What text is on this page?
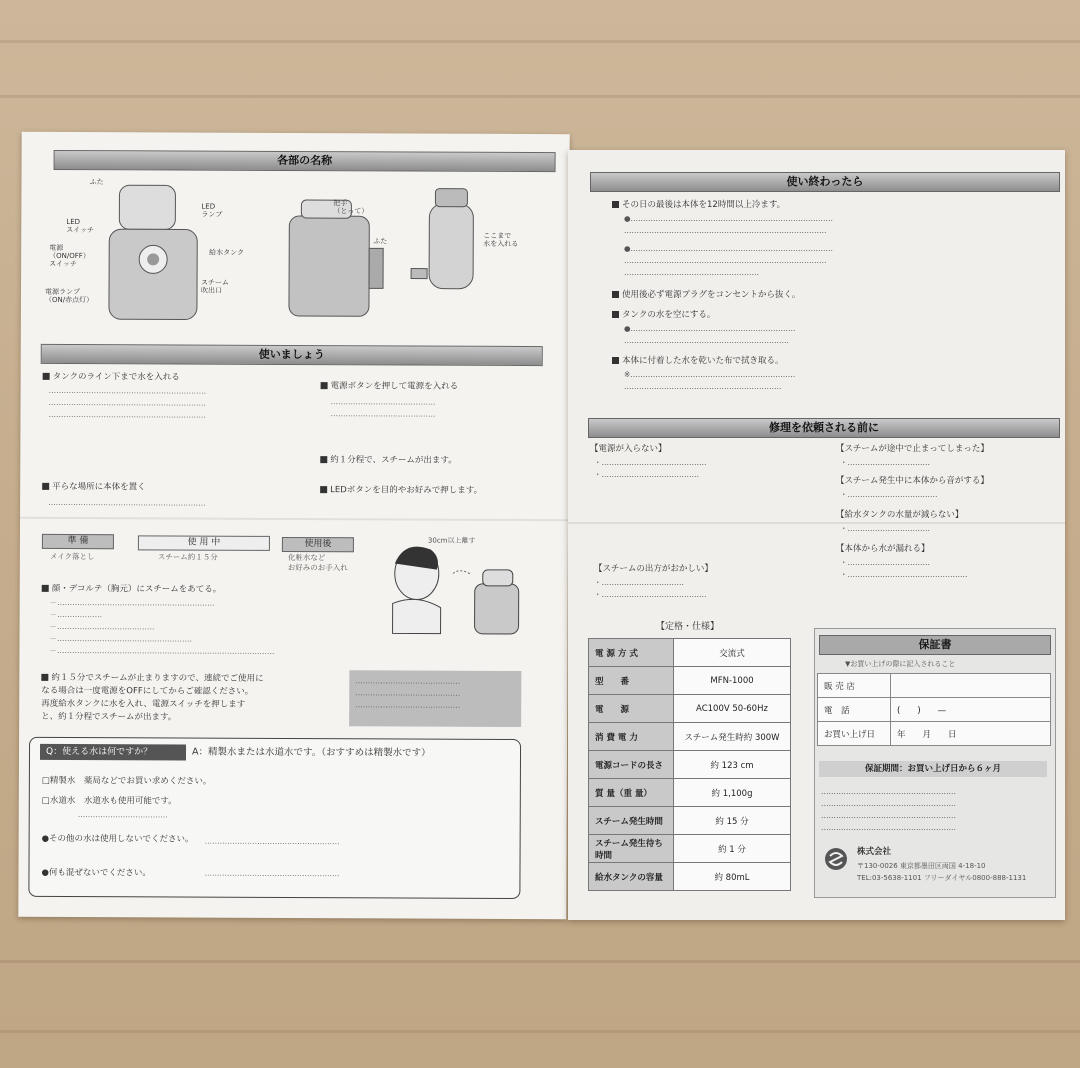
各部の名称
ふた
LED
スイッチ
電源
（ON/OFF）
スイッチ
電源ランプ
（ON/赤点灯）
LED
ランプ
給水タンク
スチーム
吹出口
把手
（とって）
ふた
ここまで
水を入れる
使いましょう
タンクのライン下まで水を入れる
………………………………………………………
………………………………………………………
………………………………………………………
電源ボタンを押して電源を入れる
……………………………………
……………………………………
約１分程で、スチームが出ます。
LEDボタンを目的やお好みで押します。
平らな場所に本体を置く
………………………………………………………
準 備	使 用 中	使用後
メイク落とし	スチーム約１５分	化粧水など
お好みのお手入れ
30cm以上離す
顔・デコルテ（胸元）にスチームをあてる。
－………………………………………………………
－………………
－…………………………………
－………………………………………………
－……………………………………………………………………………
約１５分でスチームが止まりますので、連続でご使用に
なる場合は一度電源をOFFにしてからご確認ください。
再度給水タンクに水を入れ、電源スイッチを押します
と、約１分程でスチームが出ます。
……………………………………
……………………………………
……………………………………
Q：使える水は何ですか？	A：精製水または水道水です。（おすすめは精製水です）
□精製水　薬局などでお買い求めください。
□水道水　水道水も使用可能です。
………………………………
●その他の水は使用しないでください。 ………………………………………………
●何も混ぜないでください。	………………………………………………
使い終わったら
その日の最後は本体を12時間以上冷ます。
●………………………………………………………………………
………………………………………………………………………
●………………………………………………………………………
………………………………………………………………………
………………………………………………
使用後必ず電源プラグをコンセントから抜く。
タンクの水を空にする。
●…………………………………………………………
…………………………………………………………
本体に付着した水を乾いた布で拭き取る。
※…………………………………………………………
………………………………………………………
修理を依頼される前に
【電源が入らない】
・……………………………………
・…………………………………
【スチームが途中で止まってしまった】
・……………………………
【スチーム発生中に本体から音がする】
・………………………………
【給水タンクの水量が減らない】
・……………………………
【本体から水が漏れる】
・……………………………
・…………………………………………
【スチームの出方がおかしい】
・……………………………
・……………………………………
【定格・仕様】
電 源 方 式	交流式
型　　番	MFN-1000
電　　源	AC100V 50-60Hz
消 費 電 力	スチーム発生時約 300W
電源コードの長さ	約 123 cm
質 量（重 量）	約 1,100g
スチーム発生時間	約 15 分
スチーム発生待ち時間	約 1 分
給水タンクの容量	約 80mL
保証書
▼お買い上げの際に記入されること
販 売 店	
電　話	(　　)　　—
お買い上げ日	年　　月　　日
保証期間：お買い上げ日から６ヶ月
………………………………………………
………………………………………………
………………………………………………
………………………………………………
株式会社
〒130-0026 東京都墨田区両国 4-18-10
TEL:03-5638-1101 フリーダイヤル0800-888-1131
